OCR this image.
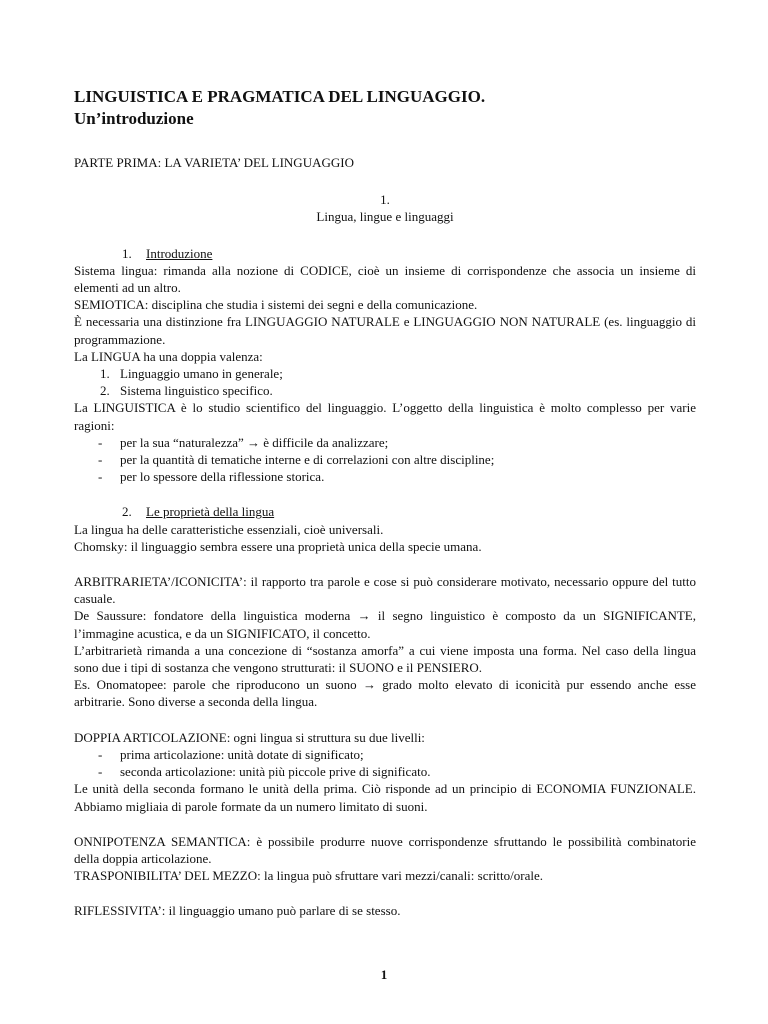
LINGUISTICA E PRAGMATICA DEL LINGUAGGIO.
Un’introduzione

PARTE PRIMA: LA VARIETA’ DEL LINGUAGGIO

1.

Lingua, lingue e linguaggi

1. Introduzione

Sistema lingua: rimanda alla nozione di CODICE, cioè un insieme di corrispondenze che associa un insieme di elementi ad un altro.

SEMIOTICA: disciplina che studia i sistemi dei segni e della comunicazione.

È necessaria una distinzione fra LINGUAGGIO NATURALE e LINGUAGGIO NON NATURALE (es. linguaggio di programmazione.

La LINGUA ha una doppia valenza:

1. Linguaggio umano in generale;
2. Sistema linguistico specifico.

La LINGUISTICA è lo studio scientifico del linguaggio. L’oggetto della linguistica è molto complesso per varie ragioni:

-	per la sua “naturalezza” → è difficile da analizzare;
-	per la quantità di tematiche interne e di correlazioni con altre discipline;
-	per lo spessore della riflessione storica.
2. Le proprietà della lingua

La lingua ha delle caratteristiche essenziali, cioè universali.

Chomsky: il linguaggio sembra essere una proprietà unica della specie umana.

ARBITRARIETA’/ICONICITA’: il rapporto tra parole e cose si può considerare motivato, necessario oppure del tutto casuale.

De Saussure: fondatore della linguistica moderna → il segno linguistico è composto da un SIGNIFICANTE, l’immagine acustica, e da un SIGNIFICATO, il concetto.

L’arbitrarietà rimanda a una concezione di “sostanza amorfa” a cui viene imposta una forma. Nel caso della lingua sono due i tipi di sostanza che vengono strutturati: il SUONO e il PENSIERO.

Es. Onomatopee: parole che riproducono un suono → grado molto elevato di iconicità pur essendo anche esse arbitrarie. Sono diverse a seconda della lingua.

DOPPIA ARTICOLAZIONE: ogni lingua si struttura su due livelli:

-	prima articolazione: unità dotate di significato;
-	seconda articolazione: unità più piccole prive di significato.

Le unità della seconda formano le unità della prima. Ciò risponde ad un principio di ECONOMIA FUNZIONALE. Abbiamo migliaia di parole formate da un numero limitato di suoni.

ONNIPOTENZA SEMANTICA: è possibile produrre nuove corrispondenze sfruttando le possibilità combinatorie della doppia articolazione.

TRASPONIBILITA’ DEL MEZZO: la lingua può sfruttare vari mezzi/canali: scritto/orale.

RIFLESSIVITA’: il linguaggio umano può parlare di se stesso.

1
